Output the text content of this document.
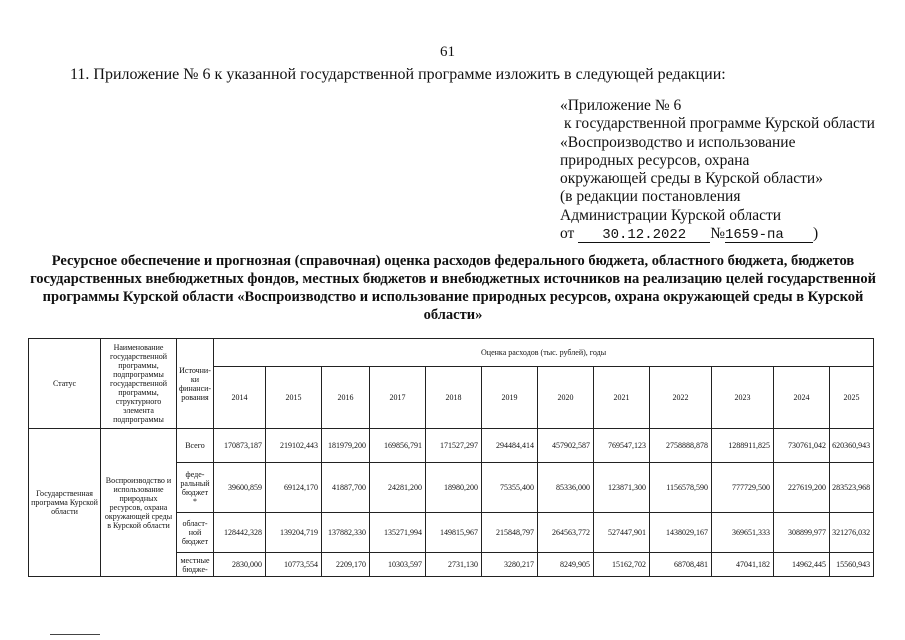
61
11. Приложение № 6 к указанной государственной программе изложить в следующей редакции:
«Приложение № 6
к государственной программе Курской области
«Воспроизводство и использование
природных ресурсов, охрана
окружающей среды в Курской области»
(в редакции постановления
Администрации Курской области
от 30.12.2022 №1659-па )
Ресурсное обеспечение и прогнозная (справочная) оценка расходов федерального бюджета, областного бюджета, бюджетов государственных внебюджетных фондов, местных бюджетов и внебюджетных источников на реализацию целей государственной программы Курской области «Воспроизводство и использование природных ресурсов, охрана окружающей среды в Курской области»
Статус	Наименование государственной программы, подпрограммы государственной программы, структурного элемента подпрограммы	Источни-ки финанси-рования	Оценка расходов (тыс. рублей), годы											
			2014	2015	2016	2017	2018	2019	2020	2021	2022	2023	2024	2025
Государственная программа Курской области	Воспроизводство и использование природных ресурсов, охрана окружающей среды в Курской области	Всего	170873,187	219102,443	181979,200	169856,791	171527,297	294484,414	457902,587	769547,123	2758888,878	1288911,825	730761,042	620360,943
		феде-ральный бюджет *	39600,859	69124,170	41887,700	24281,200	18980,200	75355,400	85336,000	123871,300	1156578,590	777729,500	227619,200	283523,968
		област-ной бюджет	128442,328	139204,719	137882,330	135271,994	149815,967	215848,797	264563,772	527447,901	1438029,167	369651,333	308899,977	321276,032
		местные бюдже-	2830,000	10773,554	2209,170	10303,597	2731,130	3280,217	8249,905	15162,702	68708,481	47041,182	14962,445	15560,943
